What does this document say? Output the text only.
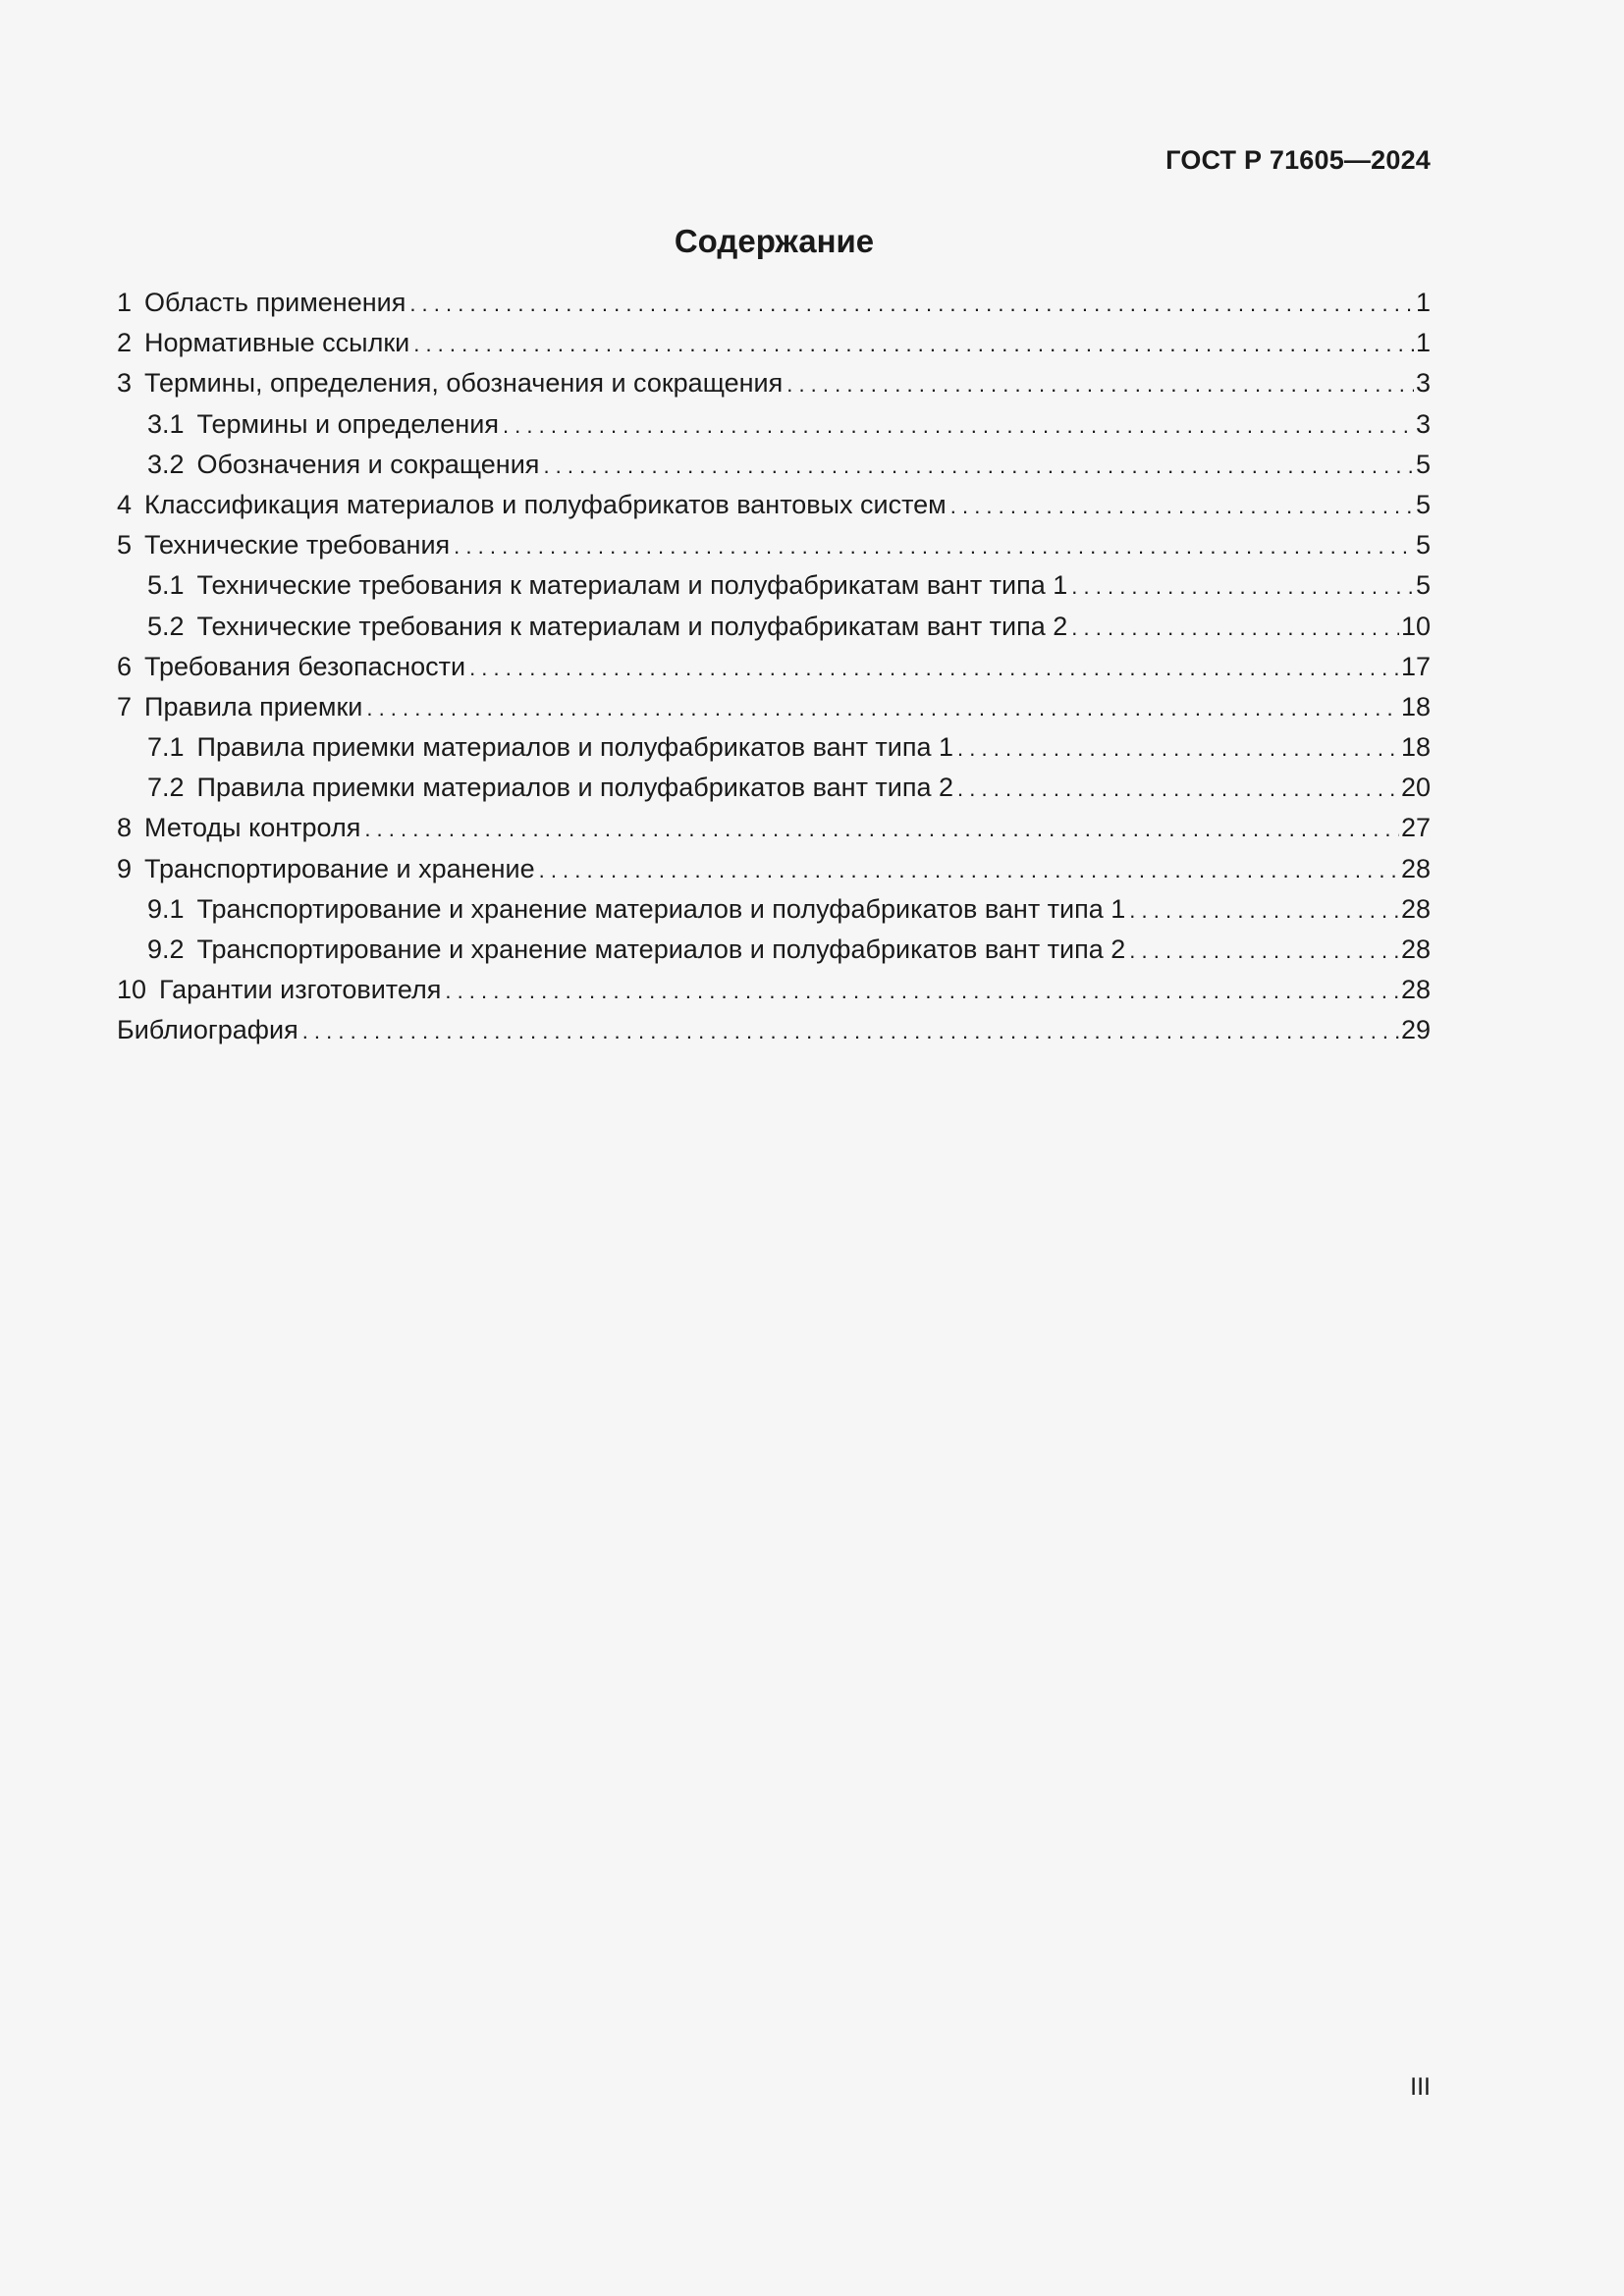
ГОСТ Р 71605—2024
Содержание
1 Область применения . . .	1
2 Нормативные ссылки . . .	1
3 Термины, определения, обозначения и сокращения . . .	3
3.1 Термины и определения . . .	3
3.2 Обозначения и сокращения . . .	5
4 Классификация материалов и полуфабрикатов вантовых систем . . .	5
5 Технические требования . . .	5
5.1 Технические требования к материалам и полуфабрикатам вант типа 1 . . .	5
5.2 Технические требования к материалам и полуфабрикатам вант типа 2 . . .	10
6 Требования безопасности . . .	17
7 Правила приемки . . .	18
7.1 Правила приемки материалов и полуфабрикатов вант типа 1 . . .	18
7.2 Правила приемки материалов и полуфабрикатов вант типа 2 . . .	20
8 Методы контроля . . .	27
9 Транспортирование и хранение . . .	28
9.1 Транспортирование и хранение материалов и полуфабрикатов вант типа 1 . . .	28
9.2 Транспортирование и хранение материалов и полуфабрикатов вант типа 2 . . .	28
10 Гарантии изготовителя . . .	28
Библиография . . .	29
III
